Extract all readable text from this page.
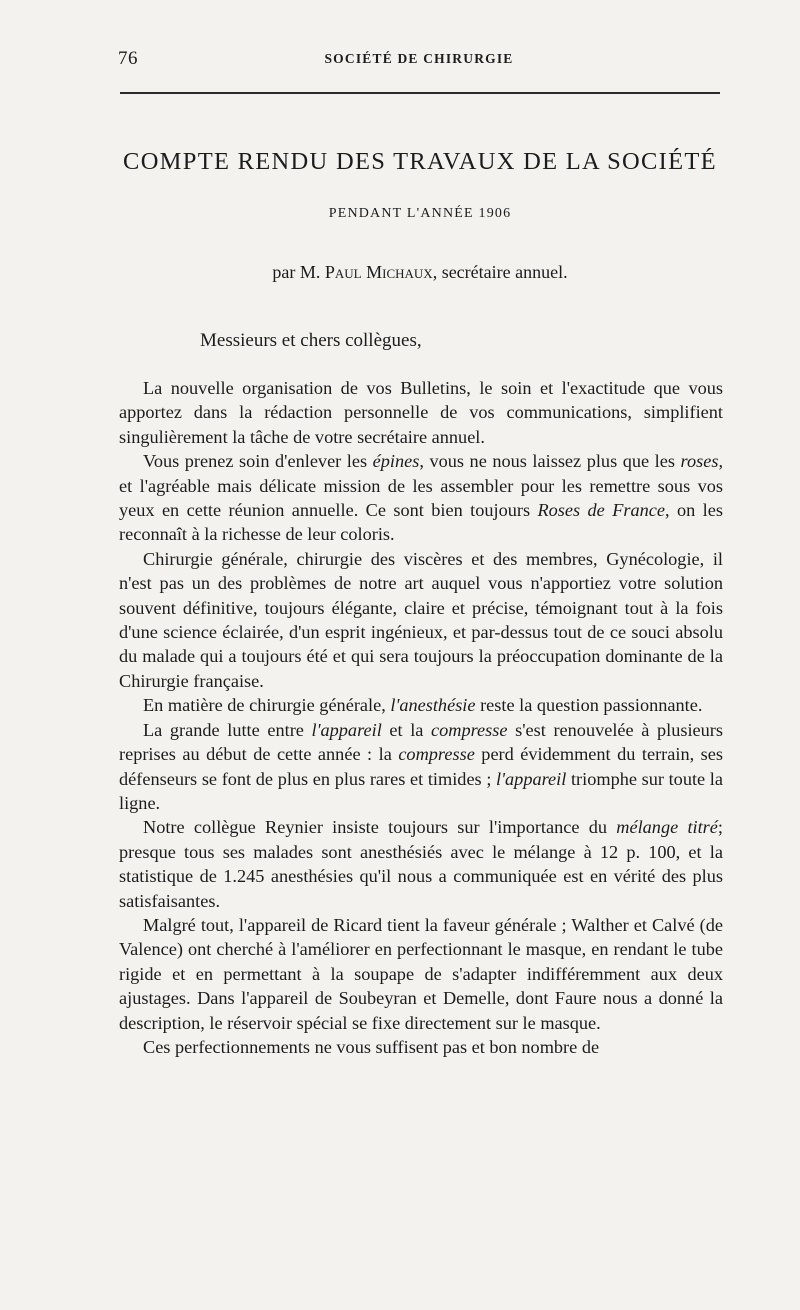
76	SOCIÉTÉ DE CHIRURGIE
COMPTE RENDU DES TRAVAUX DE LA SOCIÉTÉ
PENDANT L'ANNÉE 1906
par M. Paul Michaux, secrétaire annuel.
Messieurs et chers collègues,

La nouvelle organisation de vos Bulletins, le soin et l'exactitude que vous apportez dans la rédaction personnelle de vos communications, simplifient singulièrement la tâche de votre secrétaire annuel.

Vous prenez soin d'enlever les épines, vous ne nous laissez plus que les roses, et l'agréable mais délicate mission de les assembler pour les remettre sous vos yeux en cette réunion annuelle. Ce sont bien toujours Roses de France, on les reconnaît à la richesse de leur coloris.

Chirurgie générale, chirurgie des viscères et des membres, Gynécologie, il n'est pas un des problèmes de notre art auquel vous n'apportiez votre solution souvent définitive, toujours élégante, claire et précise, témoignant tout à la fois d'une science éclairée, d'un esprit ingénieux, et par-dessus tout de ce souci absolu du malade qui a toujours été et qui sera toujours la préoccupation dominante de la Chirurgie française.

En matière de chirurgie générale, l'anesthésie reste la question passionnante.

La grande lutte entre l'appareil et la compresse s'est renouvelée à plusieurs reprises au début de cette année : la compresse perd évidemment du terrain, ses défenseurs se font de plus en plus rares et timides ; l'appareil triomphe sur toute la ligne.

Notre collègue Reynier insiste toujours sur l'importance du mélange titré; presque tous ses malades sont anesthésiés avec le mélange à 12 p. 100, et la statistique de 1.245 anesthésies qu'il nous a communiquée est en vérité des plus satisfaisantes.

Malgré tout, l'appareil de Ricard tient la faveur générale ; Walther et Calvé (de Valence) ont cherché à l'améliorer en perfectionnant le masque, en rendant le tube rigide et en permettant à la soupape de s'adapter indifféremment aux deux ajustages. Dans l'appareil de Soubeyran et Demelle, dont Faure nous a donné la description, le réservoir spécial se fixe directement sur le masque.

Ces perfectionnements ne vous suffisent pas et bon nombre de
